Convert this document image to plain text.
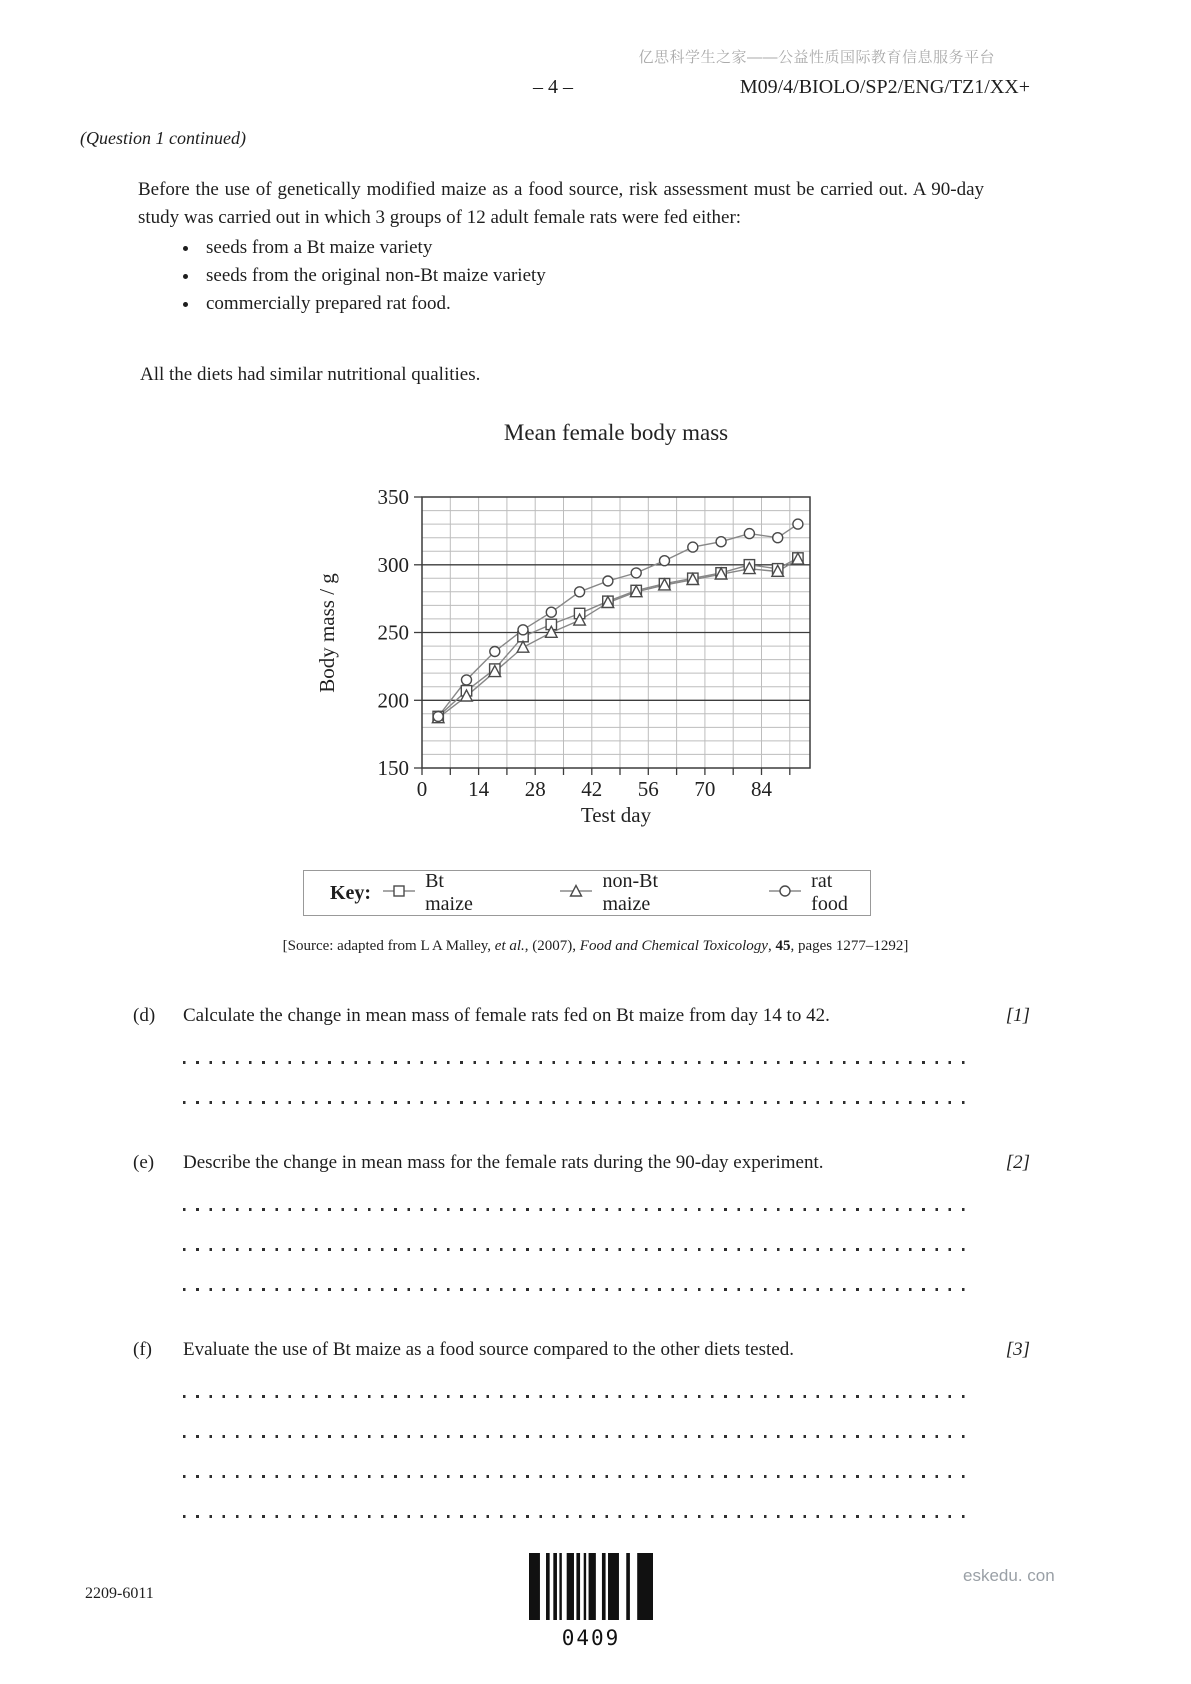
亿思科学生之家——公益性质国际教育信息服务平台
– 4 –	M09/4/BIOLO/SP2/ENG/TZ1/XX+
(Question 1 continued)

Before the use of genetically modified maize as a food source, risk assessment must be carried out. A 90-day study was carried out in which 3 groups of 12 adult female rats were fed either:

• seeds from a Bt maize variety
• seeds from the original non-Bt maize variety
• commercially prepared rat food.
All the diets had similar nutritional qualities.
Mean female body mass
150
200
250
300
350
0 14 28 42 56 70 84
Body mass / g
Test day
Key:
Bt maize
non-Bt maize
rat food
[Source: adapted from L A Malley, et al., (2007), Food and Chemical Toxicology, 45, pages 1277–1292]
(d)	Calculate the change in mean mass of female rats fed on Bt maize from day 14 to 42.	[1]
(e)	Describe the change in mean mass for the female rats during the 90-day experiment.	[2]
(f)	Evaluate the use of Bt maize as a food source compared to the other diets tested.	[3]
2209-6011
0409
eskedu. con
